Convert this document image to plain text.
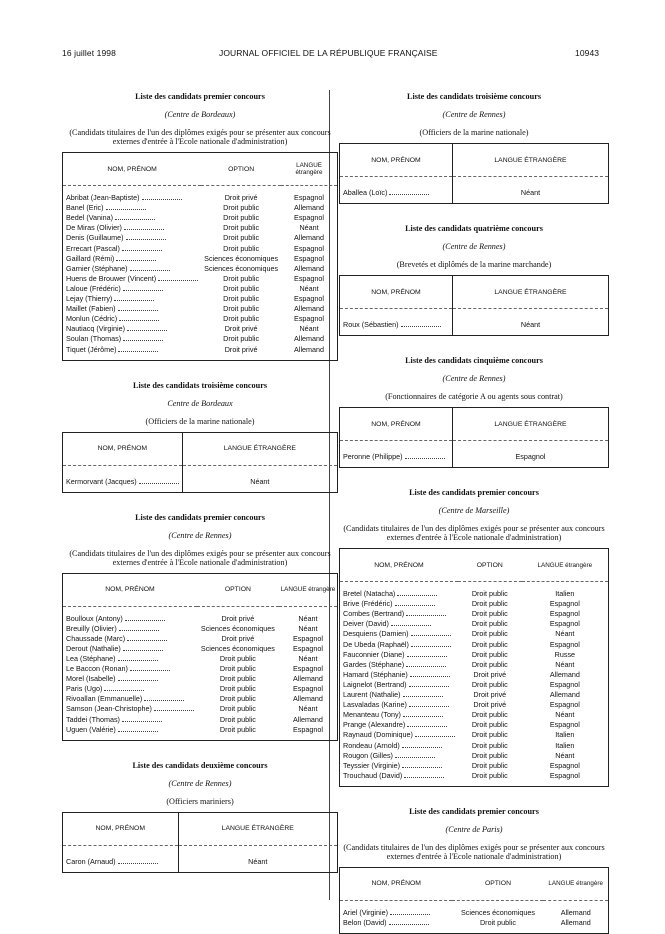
16 juillet 1998	JOURNAL OFFICIEL DE LA RÉPUBLIQUE FRANÇAISE	10943

Liste des candidats premier concours

(Centre de Bordeaux)

(Candidats titulaires de l'un des diplômes exigés pour se présenter aux concours externes d'entrée à l'Ecole nationale d'administration)

NOM, PRÉNOM	OPTION	LANGUE étrangère

Abribat (Jean-Baptiste)	Droit privé	Espagnol
Banel (Eric)	Droit public	Allemand
Bedel (Vanina)	Droit public	Espagnol
De Miras (Olivier)	Droit public	Néant
Denis (Guillaume)	Droit public	Allemand
Errecart (Pascal)	Droit public	Espagnol
Gaillard (Rémi)	Sciences économiques	Espagnol
Garnier (Stéphane)	Sciences économiques	Allemand
Huens de Brouwer (Vincent)	Droit public	Espagnol
Laloue (Frédéric)	Droit public	Néant
Lejay (Thierry)	Droit public	Espagnol
Maillet (Fabien)	Droit public	Allemand
Monlun (Cédric)	Droit public	Espagnol
Nautiacq (Virginie)	Droit privé	Néant
Soulan (Thomas)	Droit public	Allemand
Tiquet (Jérôme)	Droit privé	Allemand

Liste des candidats troisième concours

Centre de Bordeaux

(Officiers de la marine nationale)

NOM, PRÉNOM	LANGUE ÉTRANGÈRE

Kermorvant (Jacques)	Néant

Liste des candidats premier concours

(Centre de Rennes)

(Candidats titulaires de l'un des diplômes exigés pour se présenter aux concours externes d'entrée à l'Ecole nationale d'administration)

NOM, PRÉNOM	OPTION	LANGUE étrangère

Boulloux (Antony)	Droit privé	Néant
Breuilly (Olivier)	Sciences économiques	Néant
Chaussade (Marc)	Droit privé	Espagnol
Derout (Nathalie)	Sciences économiques	Espagnol
Lea (Stéphane)	Droit public	Néant
Le Baccon (Ronan)	Droit public	Espagnol
Morel (Isabelle)	Droit public	Allemand
Paris (Ugo)	Droit public	Espagnol
Rivoallan (Emmanuelle)	Droit public	Allemand
Samson (Jean-Christophe)	Droit public	Néant
Taddei (Thomas)	Droit public	Allemand
Uguen (Valérie)	Droit public	Espagnol

Liste des candidats deuxième concours

(Centre de Rennes)

(Officiers mariniers)

NOM, PRÉNOM	LANGUE ÉTRANGÈRE

Caron (Arnaud)	Néant

Liste des candidats troisième concours

(Centre de Rennes)

(Officiers de la marine nationale)

NOM, PRÉNOM	LANGUE ÉTRANGÈRE

Aballea (Loïc)	Néant

Liste des candidats quatrième concours

(Centre de Rennes)

(Brevetés et diplômés de la marine marchande)

NOM, PRÉNOM	LANGUE ÉTRANGÈRE

Roux (Sébastien)	Néant

Liste des candidats cinquième concours

(Centre de Rennes)

(Fonctionnaires de catégorie A ou agents sous contrat)

NOM, PRÉNOM	LANGUE ÉTRANGÈRE

Peronne (Philippe)	Espagnol

Liste des candidats premier concours

(Centre de Marseille)

(Candidats titulaires de l'un des diplômes exigés pour se présenter aux concours externes d'entrée à l'Ecole nationale d'administration)

NOM, PRÉNOM	OPTION	LANGUE étrangère

Bretel (Natacha)	Droit public	Italien
Brive (Frédéric)	Droit public	Espagnol
Combes (Bertrand)	Droit public	Espagnol
Deiver (David)	Droit public	Espagnol
Desquiens (Damien)	Droit public	Néant
De Ubeda (Raphaël)	Droit public	Espagnol
Fauconnier (Diane)	Droit public	Russe
Gardes (Stéphane)	Droit public	Néant
Hamard (Stéphanie)	Droit privé	Allemand
Laignelot (Bertrand)	Droit public	Espagnol
Laurent (Nathalie)	Droit privé	Allemand
Lasvaladas (Karine)	Droit privé	Espagnol
Menanteau (Tony)	Droit public	Néant
Prange (Alexandre)	Droit public	Espagnol
Raynaud (Dominique)	Droit public	Italien
Rondeau (Arnold)	Droit public	Italien
Rougon (Gilles)	Droit public	Néant
Teyssier (Virginie)	Droit public	Espagnol
Trouchaud (David)	Droit public	Espagnol

Liste des candidats premier concours

(Centre de Paris)

(Candidats titulaires de l'un des diplômes exigés pour se présenter aux concours externes d'entrée à l'Ecole nationale d'administration)

NOM, PRÉNOM	OPTION	LANGUE étrangère

Ariel (Virginie)	Sciences économiques	Allemand
Belon (David)	Droit public	Allemand
